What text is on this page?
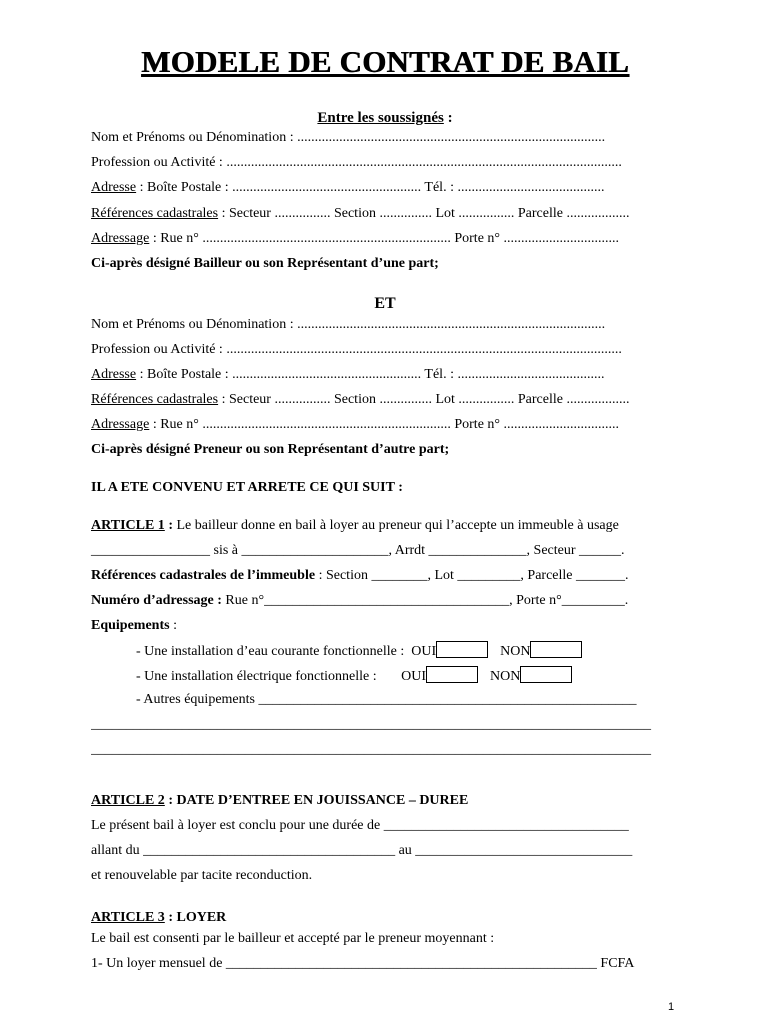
MODELE DE CONTRAT DE BAIL
Entre les soussignés :
Nom et Prénoms ou Dénomination : ........................................................................................
Profession ou Activité : .................................................................................................................
Adresse : Boîte Postale : ...................................................... Tél. : ..........................................
Références cadastrales : Secteur ................ Section ............... Lot ................ Parcelle ..................
Adressage : Rue n° ....................................................................... Porte n° .................................
Ci-après désigné Bailleur ou son Représentant d’une part;
ET
Nom et Prénoms ou Dénomination : ........................................................................................
Profession ou Activité : .................................................................................................................
Adresse : Boîte Postale : ...................................................... Tél. : ..........................................
Références cadastrales : Secteur ................ Section ............... Lot ................ Parcelle ..................
Adressage : Rue n° ....................................................................... Porte n° .................................
Ci-après désigné Preneur ou son Représentant d’autre part;
IL A ETE CONVENU ET ARRETE CE QUI SUIT :
ARTICLE 1 : Le bailleur donne en bail à loyer au preneur qui l’accepte un immeuble à usage
_________________ sis à _____________________, Arrdt ______________, Secteur ______.
Références cadastrales de l’immeuble : Section ________, Lot _________, Parcelle _______.
Numéro d’adressage : Rue n°___________________________________, Porte n°_________.
Equipements :
- Une installation d’eau courante fonctionnelle :  OUI	NON
- Une installation électrique fonctionnelle :       OUI	NON
- Autres équipements ______________________________________________________
________________________________________________________________________________
________________________________________________________________________________
ARTICLE 2 : DATE D’ENTREE EN JOUISSANCE – DUREE
Le présent bail à loyer est conclu pour une durée de ___________________________________
allant du ____________________________________ au _______________________________
et renouvelable par tacite reconduction.
ARTICLE 3 : LOYER
Le bail est consenti par le bailleur et accepté par le preneur moyennant :
1- Un loyer mensuel de _____________________________________________________ FCFA
1
